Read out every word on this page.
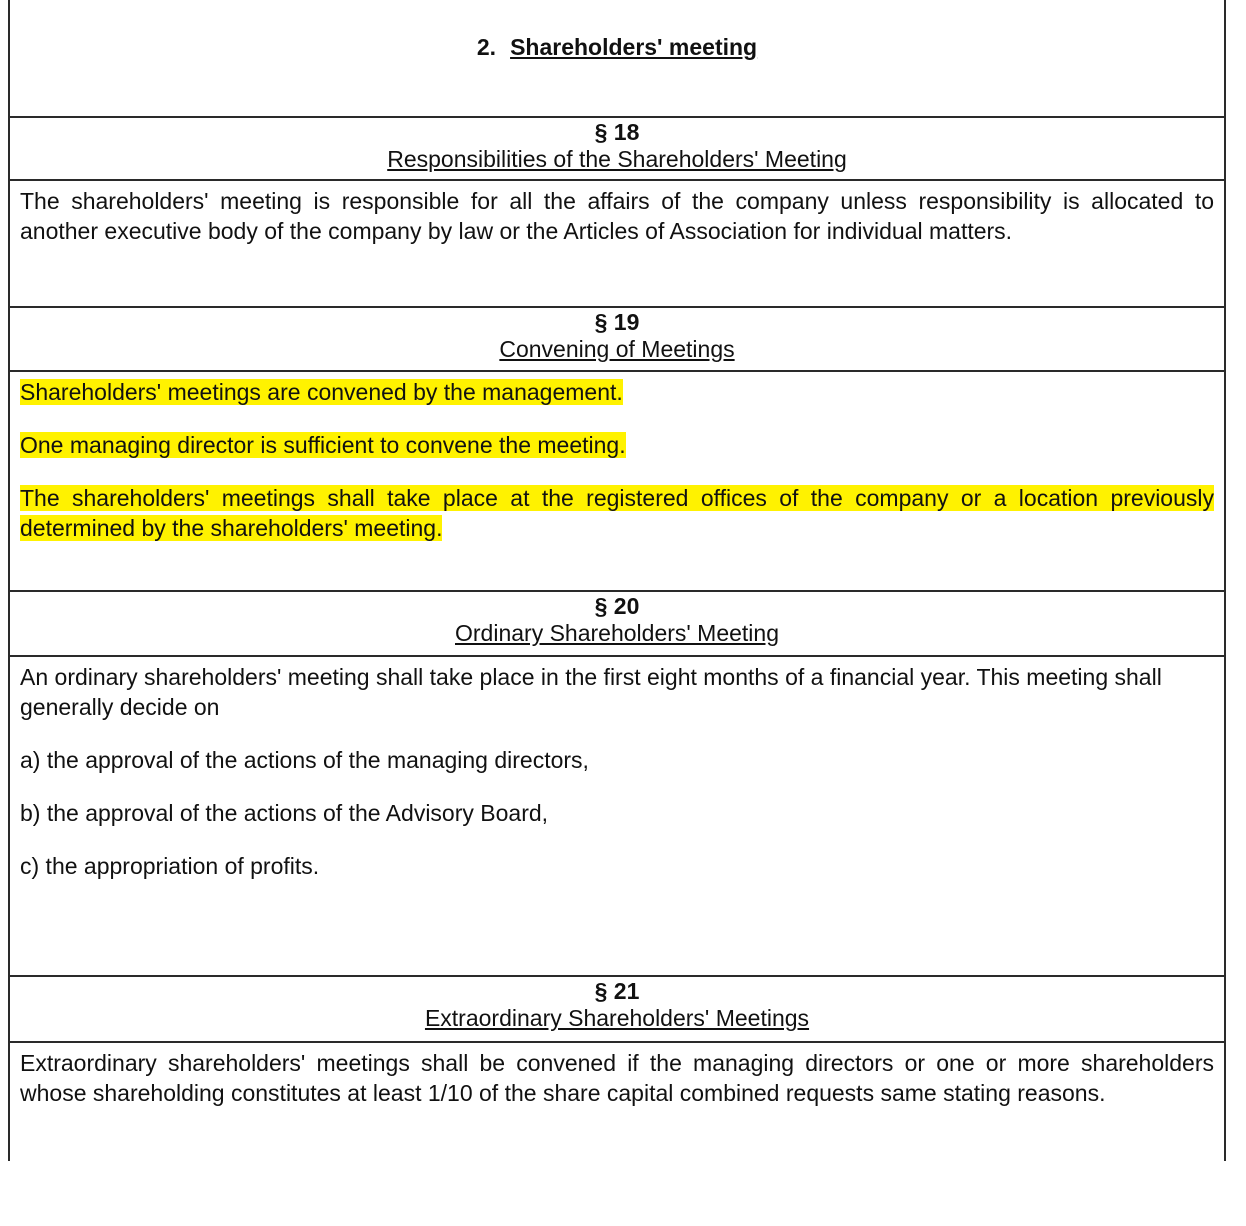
2. Shareholders' meeting
§ 18
Responsibilities of the Shareholders' Meeting

The shareholders' meeting is responsible for all the affairs of the company unless responsibility is allocated to another executive body of the company by law or the Articles of Association for individual matters.

§ 19
Convening of Meetings

Shareholders' meetings are convened by the management.

One managing director is sufficient to convene the meeting.

The shareholders' meetings shall take place at the registered offices of the company or a location previously determined by the shareholders' meeting.

§ 20
Ordinary Shareholders' Meeting

An ordinary shareholders' meeting shall take place in the first eight months of a financial year. This meeting shall generally decide on

a) the approval of the actions of the managing directors,

b) the approval of the actions of the Advisory Board,

c) the appropriation of profits.

§ 21
Extraordinary Shareholders' Meetings

Extraordinary shareholders' meetings shall be convened if the managing directors or one or more shareholders whose shareholding constitutes at least 1/10 of the share capital combined requests same stating reasons.
